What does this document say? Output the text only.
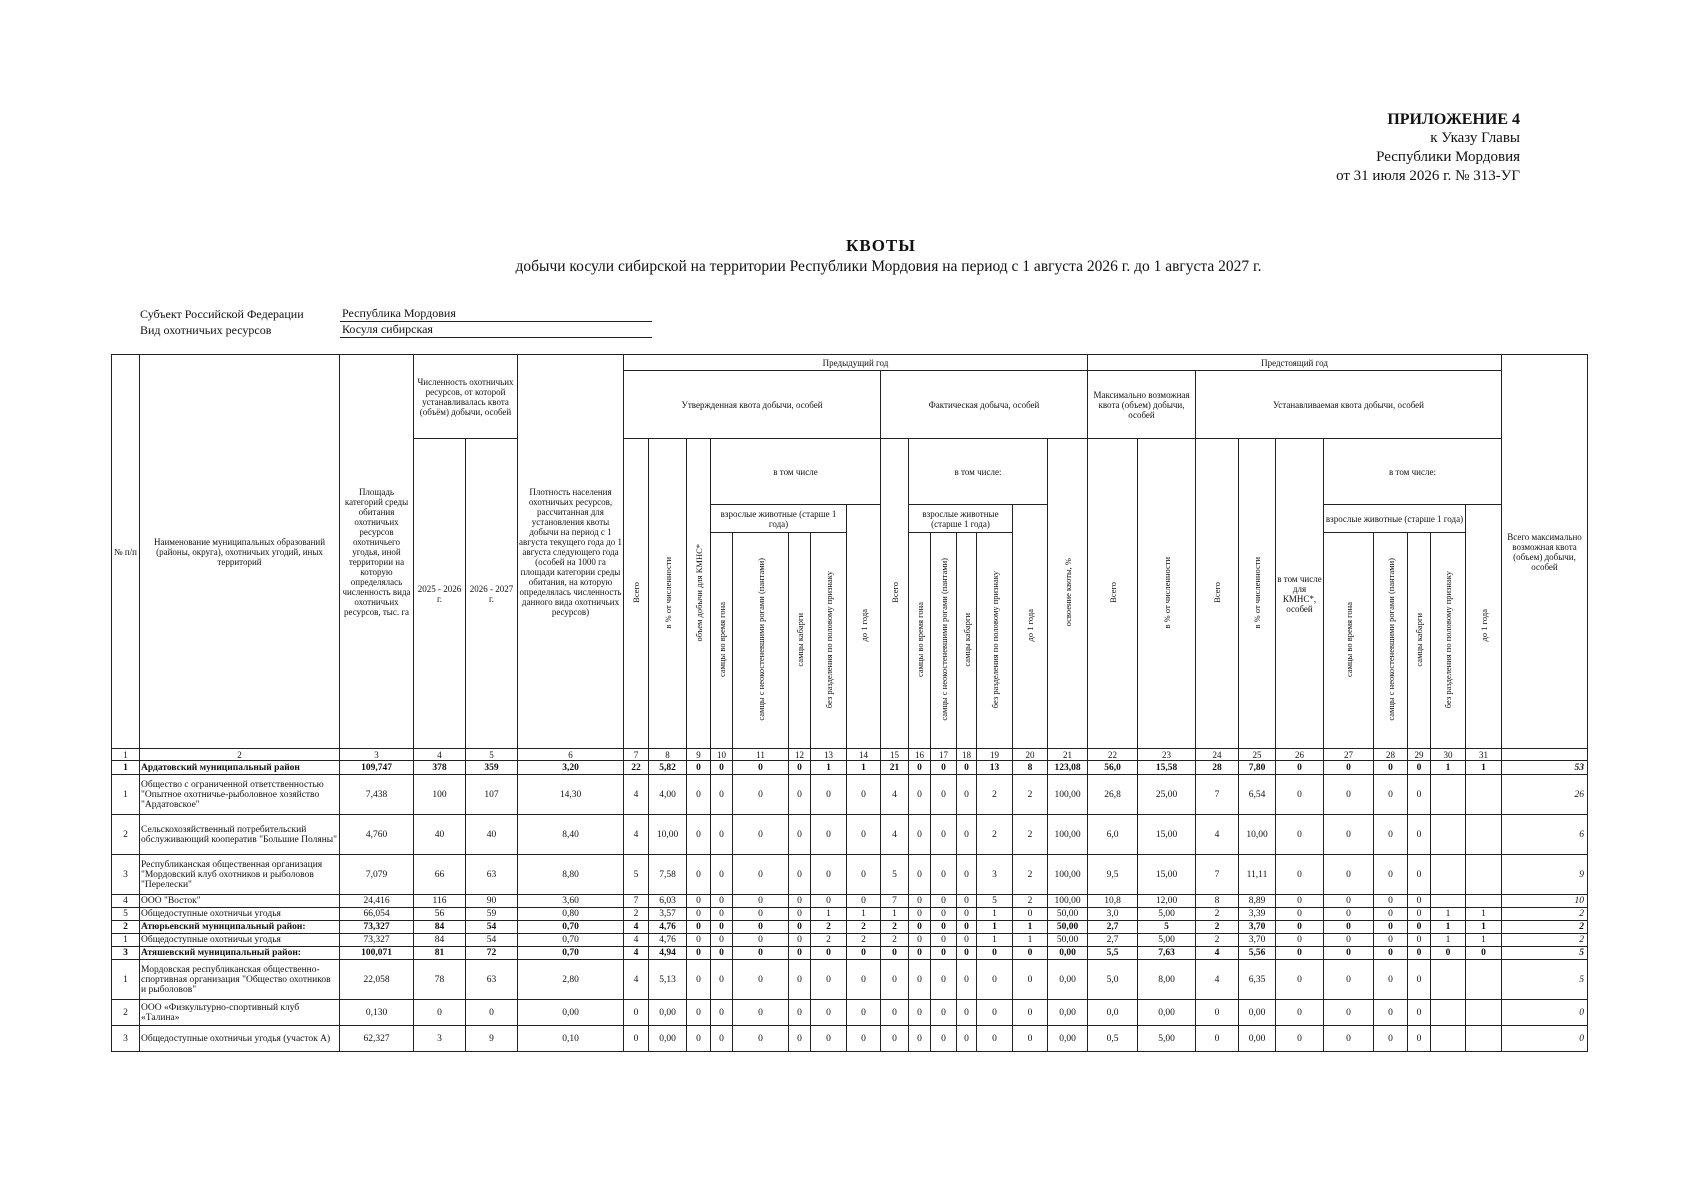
ПРИЛОЖЕНИЕ 4
к Указу Главы
Республики Мордовия
от 31 июля 2026 г. № 313-УГ
КВОТЫ
добычи косули сибирской на территории Республики Мордовия на период с 1 августа 2026 г. до 1 августа 2027 г.
Субъект Российской Федерации	Республика Мордовия
Вид охотничьих ресурсов	Косуля сибирская
№ п/п	Наименование муниципальных образований (районы, округа), охотничьих угодий, иных территорий	Площадь категорий среды обитания охотничьих ресурсов охотничьего угодья, иной территории на которую определялась численность вида охотничьих ресурсов, тыс. га	Численность охотничьих ресурсов, от которой устанавливалась квота (объём) добычи, особей		Плотность населения охотничьих ресурсов, рассчитанная для установления квоты добычи на период с 1 августа текущего года до 1 августа следующего года (особей на 1000 га площади категории среды обитания, на которую определялась численность данного вида охотничьих ресурсов)	Предыдущий год															Предстоящий год										Всего максимально возможная квота (объем) добычи, особей
						Утвержденная квота добычи, особей								Фактическая добыча, особей							Максимально возможная квота (объем) добычи, особей		Устанавливаемая квота добычи, особей								
			2025 - 2026 г.	2026 - 2027 г.		Всего	в % от численности	объем добычи для КМНС*	в том числе					Всего	в том числе:					освоение квоты, %	Всего	в % от численности	Всего	в % от численности	в том числе для КМНС*, особей	в том числе:					
									взрослые животные (старше 1 года)				до 1 года		взрослые животные (старше 1 года)				до 1 года							взрослые животные (старше 1 года)				до 1 года	
									самцы во время гона	самцы с неокостеневшими рогами (пантами)	самцы кабарги	без разделения по половому признаку			самцы во время гона	самцы с неокостеневшими рогами (пантами)	самцы кабарги	без разделения по половому признаку								самцы во время гона	самцы с неокостеневшими рогами (пантами)	самцы кабарги	без разделения по половому признаку		
1	2	3	4	5	6	7	8	9	10	11	12	13	14	15	16	17	18	19	20	21	22	23	24	25	26	27	28	29	30	31	
1	Ардатовский муниципальный район	109,747	378	359	3,20	22	5,82	0	0	0	0	1	1	21	0	0	0	13	8	123,08	56,0	15,58	28	7,80	0	0	0	0	1	1	53
1	Общество с ограниченной ответственностью "Опытное охотничье-рыболовное хозяйство "Ардатовское"	7,438	100	107	14,30	4	4,00	0	0	0	0	0	0	4	0	0	0	2	2	100,00	26,8	25,00	7	6,54	0	0	0	0			26
2	Сельскохозяйственный потребительский обслуживающий кооператив "Большие Поляны"	4,760	40	40	8,40	4	10,00	0	0	0	0	0	0	4	0	0	0	2	2	100,00	6,0	15,00	4	10,00	0	0	0	0			6
3	Республиканская общественная организация "Мордовский клуб охотников и рыболовов "Перелески"	7,079	66	63	8,80	5	7,58	0	0	0	0	0	0	5	0	0	0	3	2	100,00	9,5	15,00	7	11,11	0	0	0	0			9
4	ООО "Восток"	24,416	116	90	3,60	7	6,03	0	0	0	0	0	0	7	0	0	0	5	2	100,00	10,8	12,00	8	8,89	0	0	0	0			10
5	Общедоступные охотничьи угодья	66,054	56	59	0,80	2	3,57	0	0	0	0	1	1	1	0	0	0	1	0	50,00	3,0	5,00	2	3,39	0	0	0	0	1	1	2
2	Атюрьевский муниципальный район:	73,327	84	54	0,70	4	4,76	0	0	0	0	2	2	2	0	0	0	1	1	50,00	2,7	5	2	3,70	0	0	0	0	1	1	2
1	Общедоступные охотничьи угодья	73,327	84	54	0,70	4	4,76	0	0	0	0	2	2	2	0	0	0	1	1	50,00	2,7	5,00	2	3,70	0	0	0	0	1	1	2
3	Атяшевский муниципальный район:	100,071	81	72	0,70	4	4,94	0	0	0	0	0	0	0	0	0	0	0	0	0,00	5,5	7,63	4	5,56	0	0	0	0	0	0	5
1	Мордовская республиканская общественно-спортивная организация "Общество охотников и рыболовов"	22,058	78	63	2,80	4	5,13	0	0	0	0	0	0	0	0	0	0	0	0	0,00	5,0	8,00	4	6,35	0	0	0	0			5
2	ООО «Физкультурно-спортивный клуб «Талина»	0,130	0	0	0,00	0	0,00	0	0	0	0	0	0	0	0	0	0	0	0	0,00	0,0	0,00	0	0,00	0	0	0	0			0
3	Общедоступные охотничьи угодья (участок А)	62,327	3	9	0,10	0	0,00	0	0	0	0	0	0	0	0	0	0	0	0	0,00	0,5	5,00	0	0,00	0	0	0	0			0
